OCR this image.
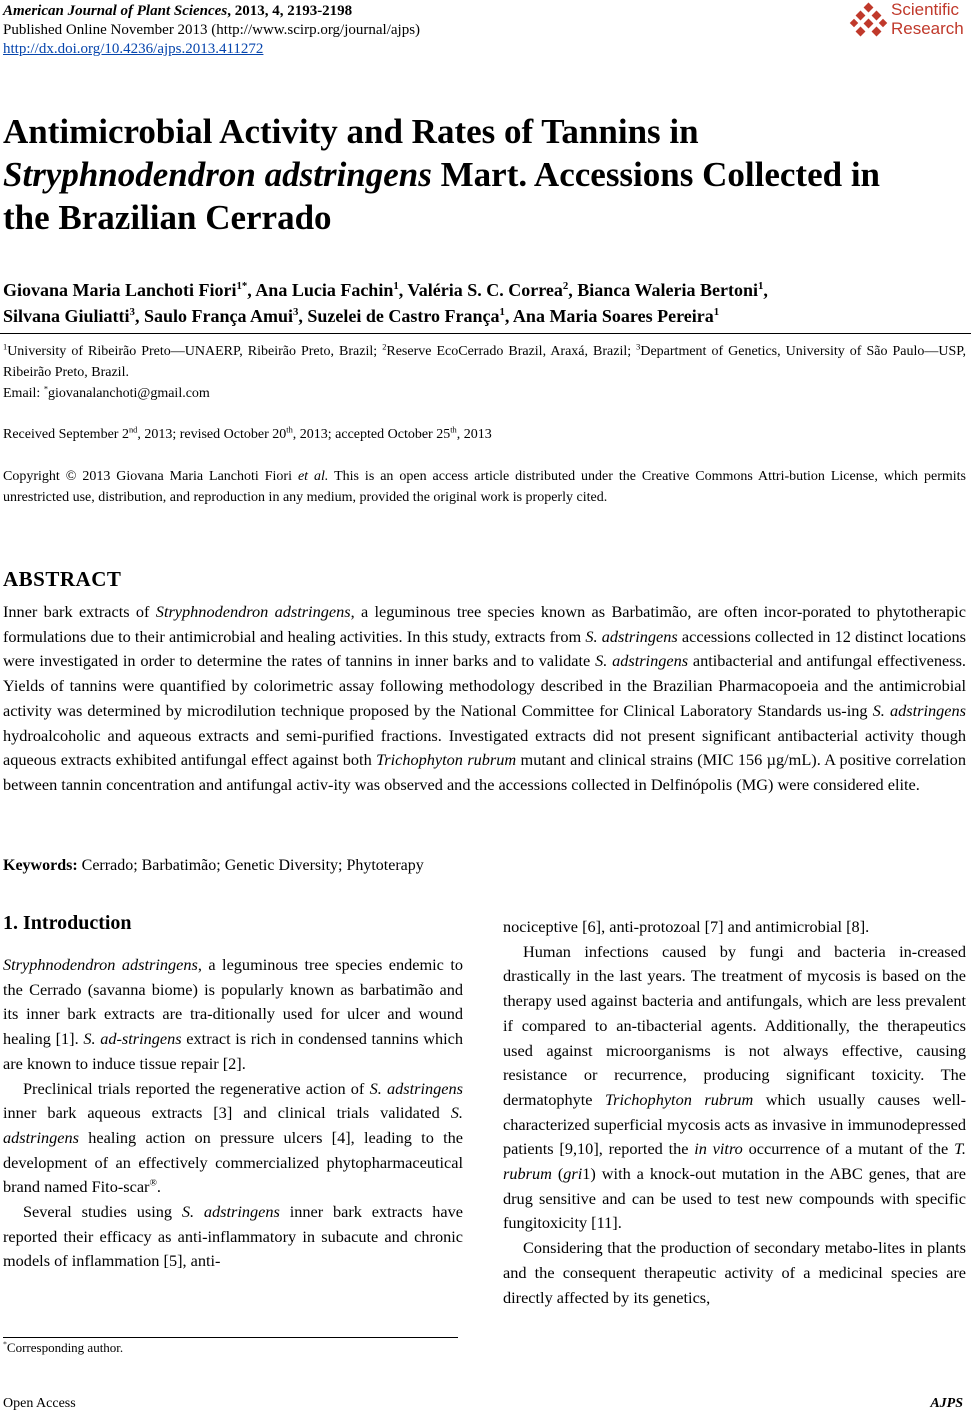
American Journal of Plant Sciences, 2013, 4, 2193-2198
Published Online November 2013 (http://www.scirp.org/journal/ajps)
http://dx.doi.org/10.4236/ajps.2013.411272
Scientific
Research
Antimicrobial Activity and Rates of Tannins in
Stryphnodendron adstringens Mart. Accessions Collected in
the Brazilian Cerrado
Giovana Maria Lanchoti Fiori$^{1*}$, Ana Lucia Fachin$^1$, Valéria S. C. Correa$^2$, Bianca Waleria Bertoni$^1$,
Silvana Giuliatti$^3$, Saulo França Amui$^3$, Suzelei de Castro França$^1$, Ana Maria Soares Pereira$^1$
$^1$University of Ribeirão Preto—UNAERP, Ribeirão Preto, Brazil; $^2$Reserve EcoCerrado Brazil, Araxá, Brazil; $^3$Department of Genetics, University of São Paulo—USP, Ribeirão Preto, Brazil.
Email: *giovanalanchoti@gmail.com
Received September 2nd, 2013; revised October 20th, 2013; accepted October 25th, 2013
Copyright © 2013 Giovana Maria Lanchoti Fiori et al. This is an open access article distributed under the Creative Commons Attri-bution License, which permits unrestricted use, distribution, and reproduction in any medium, provided the original work is properly cited.
ABSTRACT
Inner bark extracts of Stryphnodendron adstringens, a leguminous tree species known as Barbatimão, are often incor-porated to phytotherapic formulations due to their antimicrobial and healing activities. In this study, extracts from S. adstringens accessions collected in 12 distinct locations were investigated in order to determine the rates of tannins in inner barks and to validate S. adstringens antibacterial and antifungal effectiveness. Yields of tannins were quantified by colorimetric assay following methodology described in the Brazilian Pharmacopoeia and the antimicrobial activity was determined by microdilution technique proposed by the National Committee for Clinical Laboratory Standards us-ing S. adstringens hydroalcoholic and aqueous extracts and semi-purified fractions. Investigated extracts did not present significant antibacterial activity though aqueous extracts exhibited antifungal effect against both Trichophyton rubrum mutant and clinical strains (MIC 156 µg/mL). A positive correlation between tannin concentration and antifungal activ-ity was observed and the accessions collected in Delfinópolis (MG) were considered elite.
Keywords: Cerrado; Barbatimão; Genetic Diversity; Phytoterapy
1. Introduction

Stryphnodendron adstringens, a leguminous tree species endemic to the Cerrado (savanna biome) is popularly known as barbatimão and its inner bark extracts are tra-ditionally used for ulcer and wound healing [1]. S. ad-stringens extract is rich in condensed tannins which are known to induce tissue repair [2].

Preclinical trials reported the regenerative action of S. adstringens inner bark aqueous extracts [3] and clinical trials validated S. adstringens healing action on pressure ulcers [4], leading to the development of an effectively commercialized phytopharmaceutical brand named Fito-scar®.

Several studies using S. adstringens inner bark extracts have reported their efficacy as anti-inflammatory in subacute and chronic models of inflammation [5], anti-

nociceptive [6], anti-protozoal [7] and antimicrobial [8].

Human infections caused by fungi and bacteria in-creased drastically in the last years. The treatment of mycosis is based on the therapy used against bacteria and antifungals, which are less prevalent if compared to an-tibacterial agents. Additionally, the therapeutics used against microorganisms is not always effective, causing resistance or recurrence, producing significant toxicity. The dermatophyte Trichophyton rubrum which usually causes well-characterized superficial mycosis acts as invasive in immunodepressed patients [9,10], reported the in vitro occurrence of a mutant of the T. rubrum (gri1) with a knock-out mutation in the ABC genes, that are drug sensitive and can be used to test new compounds with specific fungitoxicity [11].

Considering that the production of secondary metabo-lites in plants and the consequent therapeutic activity of a medicinal species are directly affected by its genetics,

*Corresponding author.
Open Access	AJPS
